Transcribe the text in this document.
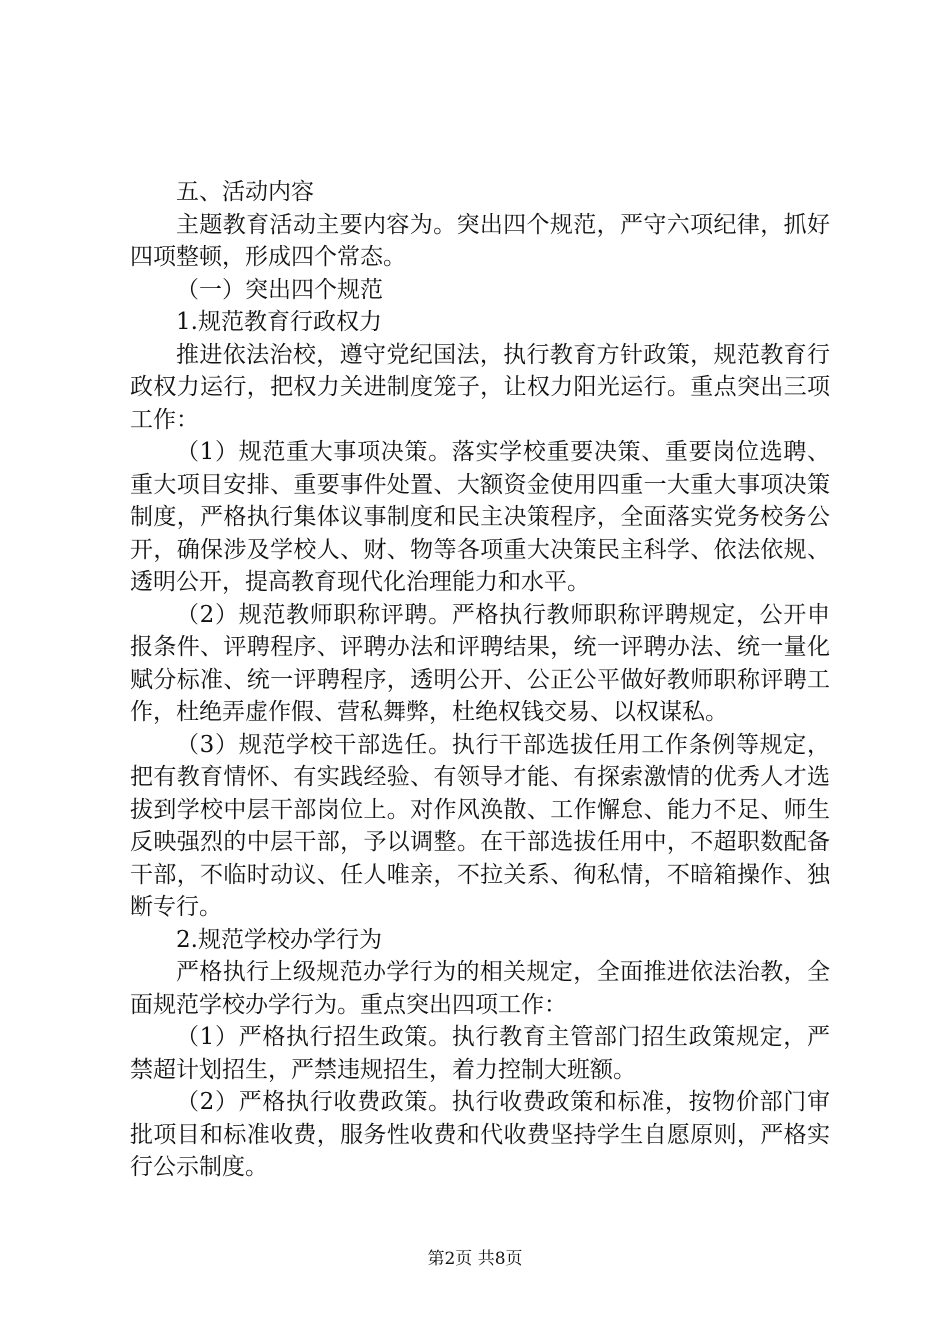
五、活动内容

主题教育活动主要内容为。突出四个规范，严守六项纪律，抓好四项整顿，形成四个常态。

（一）突出四个规范

1.规范教育行政权力

推进依法治校，遵守党纪国法，执行教育方针政策，规范教育行政权力运行，把权力关进制度笼子，让权力阳光运行。重点突出三项工作：

（1）规范重大事项决策。落实学校重要决策、重要岗位选聘、重大项目安排、重要事件处置、大额资金使用四重一大重大事项决策制度，严格执行集体议事制度和民主决策程序，全面落实党务校务公开，确保涉及学校人、财、物等各项重大决策民主科学、依法依规、透明公开，提高教育现代化治理能力和水平。

（2）规范教师职称评聘。严格执行教师职称评聘规定，公开申报条件、评聘程序、评聘办法和评聘结果，统一评聘办法、统一量化赋分标准、统一评聘程序，透明公开、公正公平做好教师职称评聘工作，杜绝弄虚作假、营私舞弊，杜绝权钱交易、以权谋私。

（3）规范学校干部选任。执行干部选拔任用工作条例等规定，把有教育情怀、有实践经验、有领导才能、有探索激情的优秀人才选拔到学校中层干部岗位上。对作风涣散、工作懈怠、能力不足、师生反映强烈的中层干部，予以调整。在干部选拔任用中，不超职数配备干部，不临时动议、任人唯亲，不拉关系、徇私情，不暗箱操作、独断专行。

2.规范学校办学行为

严格执行上级规范办学行为的相关规定，全面推进依法治教，全面规范学校办学行为。重点突出四项工作：

（1）严格执行招生政策。执行教育主管部门招生政策规定，严禁超计划招生，严禁违规招生，着力控制大班额。

（2）严格执行收费政策。执行收费政策和标准，按物价部门审批项目和标准收费，服务性收费和代收费坚持学生自愿原则，严格实行公示制度。

第2页 共8页
